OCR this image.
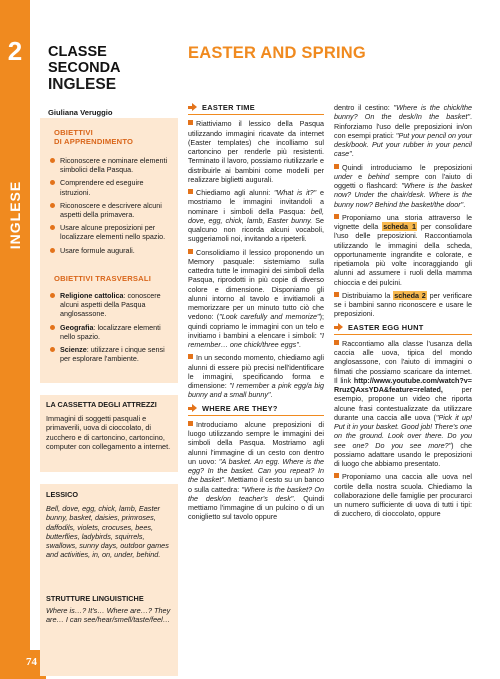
2
INGLESE
74
CLASSE SECONDA
INGLESE
Giuliana Veruggio
OBIETTIVI
DI APPRENDIMENTO
Riconoscere e nominare elementi simbolici della Pasqua.
Comprendere ed eseguire istruzioni.
Riconoscere e descrivere alcuni aspetti della primavera.
Usare alcune preposizioni per localizzare elementi nello spazio.
Usare formule augurali.
OBIETTIVI TRASVERSALI
Religione cattolica: conoscere alcuni aspetti della Pasqua anglosassone.
Geografia: localizzare elementi nello spazio.
Scienze: utilizzare i cinque sensi per esplorare l'ambiente.
LA CASSETTA DEGLI ATTREZZI
Immagini di soggetti pasquali e primaverili, uova di cioccolato, di zucchero e di cartoncino, cartoncino, computer con collegamento a internet.
LESSICO
Bell, dove, egg, chick, lamb, Easter bunny, basket, daisies, primroses, daffodils, violets, crocuses, bees, butterflies, ladybirds, squirrels, swallows, sunny days, outdoor games and activities, in, on, under, behind.
STRUTTURE LINGUISTICHE
Where is…? It's… Where are…? They are… I can see/hear/smell/taste/feel…
EASTER AND SPRING
EASTER TIME

Riattiviamo il lessico della Pasqua utilizzando immagini ricavate da internet (Easter templates) che incolliamo sul cartoncino per renderle più resistenti. Terminato il lavoro, possiamo riutilizzarle e distribuirle ai bambini come modelli per realizzare biglietti augurali.

Chiediamo agli alunni: "What is it?" e mostriamo le immagini invitandoli a nominare i simboli della Pasqua: bell, dove, egg, chick, lamb, Easter bunny. Se qualcuno non ricorda alcuni vocaboli, suggeriamoli noi, invitando a ripeterli.

Consolidiamo il lessico proponendo un Memory pasquale: sistemiamo sulla cattedra tutte le immagini dei simboli della Pasqua, riprodotti in più copie di diverso colore e dimensione. Disponiamo gli alunni intorno al tavolo e invitiamoli a memorizzare per un minuto tutto ciò che vedono: ("Look carefully and memorize"); quindi copriamo le immagini con un telo e invitiamo i bambini a elencare i simboli: "I remember… one chick/three eggs".

In un secondo momento, chiediamo agli alunni di essere più precisi nell'identificare le immagini, specificando forma e dimensione: "I remember a pink egg/a big bunny and a small bunny".

WHERE ARE THEY?

Introduciamo alcune preposizioni di luogo utilizzando sempre le immagini dei simboli della Pasqua. Mostriamo agli alunni l'immagine di un cesto con dentro un uovo: "A basket. An egg. Where is the egg? In the basket. Can you repeat? In the basket". Mettiamo il cesto su un banco o sulla cattedra: "Where is the basket? On the desk/on teacher's desk". Quindi mettiamo l'immagine di un pulcino o di un coniglietto sul tavolo oppure

dentro il cestino: "Where is the chick/the bunny? On the desk/In the basket". Rinforziamo l'uso delle preposizioni in/on con esempi pratici: "Put your pencil on your desk/book. Put your rubber in your pencil case".

Quindi introduciamo le preposizioni under e behind sempre con l'aiuto di oggetti o flashcard: "Where is the basket now? Under the chair/desk. Where is the bunny now? Behind the basket/the door".

Proponiamo una storia attraverso le vignette della scheda 1 per consolidare l'uso delle preposizioni. Raccontiamola utilizzando le immagini della scheda, opportunamente ingrandite e colorate, e ripetiamola più volte incoraggiando gli alunni ad assumere i ruoli della mamma chioccia e dei pulcini.

Distribuiamo la scheda 2 per verificare se i bambini sanno riconoscere e usare le preposizioni.

EASTER EGG HUNT

Raccontiamo alla classe l'usanza della caccia alle uova, tipica del mondo anglosassone, con l'aiuto di immagini o filmati che possiamo scaricare da internet. Il link http://www.youtube.com/watch?v=RruzQAxsYDA&feature=related, per esempio, propone un video che riporta alcune frasi contestualizzate da utilizzare durante una caccia alle uova ("Pick it up! Put it in your basket. Good job! There's one on the ground. Look over there. Do you see one? Do you see more?") che possiamo adattare usando le preposizioni di luogo che abbiamo presentato.

Proponiamo una caccia alle uova nel cortile della nostra scuola. Chiediamo la collaborazione delle famiglie per procurarci un numero sufficiente di uova di tutti i tipi: di zucchero, di cioccolato, oppure
